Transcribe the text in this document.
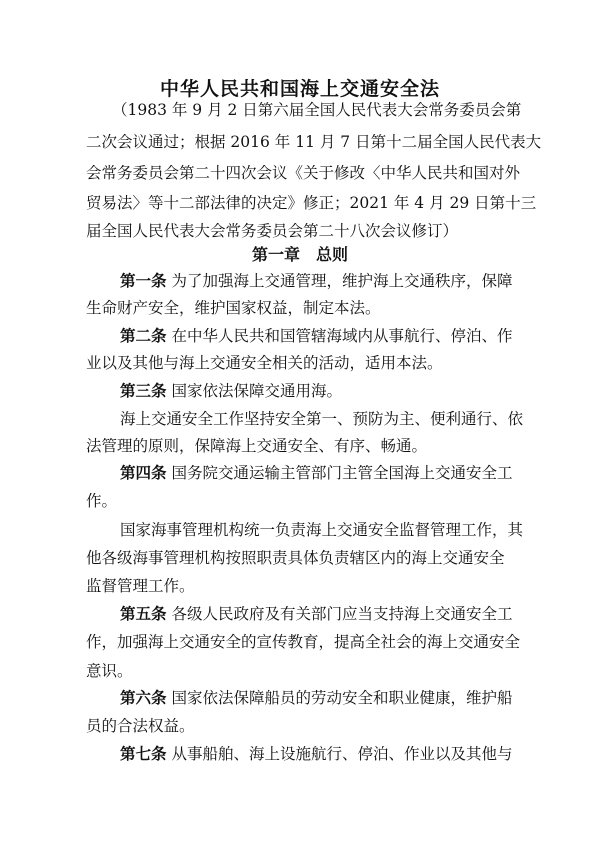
中华人民共和国海上交通安全法
（1983 年 9 月 2 日第六届全国人民代表大会常务委员会第
二次会议通过；根据 2016 年 11 月 7 日第十二届全国人民代表大
会常务委员会第二十四次会议《关于修改〈中华人民共和国对外
贸易法〉等十二部法律的决定》修正；2021 年 4 月 29 日第十三
届全国人民代表大会常务委员会第二十八次会议修订）
第一章　总则
第一条 为了加强海上交通管理，维护海上交通秩序，保障
生命财产安全，维护国家权益，制定本法。
第二条 在中华人民共和国管辖海域内从事航行、停泊、作
业以及其他与海上交通安全相关的活动，适用本法。
第三条 国家依法保障交通用海。
海上交通安全工作坚持安全第一、预防为主、便利通行、依
法管理的原则，保障海上交通安全、有序、畅通。
第四条 国务院交通运输主管部门主管全国海上交通安全工
作。
国家海事管理机构统一负责海上交通安全监督管理工作，其
他各级海事管理机构按照职责具体负责辖区内的海上交通安全
监督管理工作。
第五条 各级人民政府及有关部门应当支持海上交通安全工
作，加强海上交通安全的宣传教育，提高全社会的海上交通安全
意识。
第六条 国家依法保障船员的劳动安全和职业健康，维护船
员的合法权益。
第七条 从事船舶、海上设施航行、停泊、作业以及其他与
